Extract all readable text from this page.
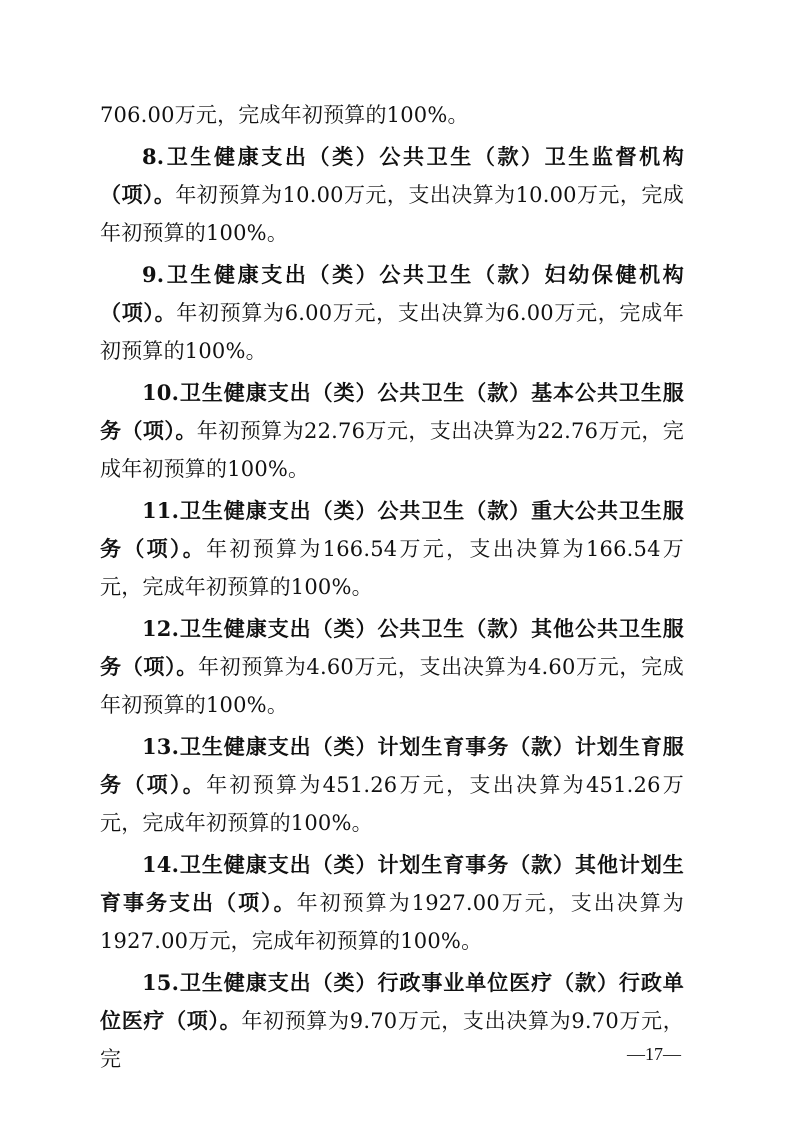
706.00万元，完成年初预算的100%。

8.卫生健康支出（类）公共卫生（款）卫生监督机构（项）。年初预算为10.00万元，支出决算为10.00万元，完成年初预算的100%。

9.卫生健康支出（类）公共卫生（款）妇幼保健机构（项）。年初预算为6.00万元，支出决算为6.00万元，完成年初预算的100%。

10.卫生健康支出（类）公共卫生（款）基本公共卫生服务（项）。年初预算为22.76万元，支出决算为22.76万元，完成年初预算的100%。

11.卫生健康支出（类）公共卫生（款）重大公共卫生服务（项）。年初预算为166.54万元，支出决算为166.54万元，完成年初预算的100%。

12.卫生健康支出（类）公共卫生（款）其他公共卫生服务（项）。年初预算为4.60万元，支出决算为4.60万元，完成年初预算的100%。

13.卫生健康支出（类）计划生育事务（款）计划生育服务（项）。年初预算为451.26万元，支出决算为451.26万元，完成年初预算的100%。

14.卫生健康支出（类）计划生育事务（款）其他计划生育事务支出（项）。年初预算为1927.00万元，支出决算为1927.00万元，完成年初预算的100%。

15.卫生健康支出（类）行政事业单位医疗（款）行政单位医疗（项）。年初预算为9.70万元，支出决算为9.70万元，完	—17—
